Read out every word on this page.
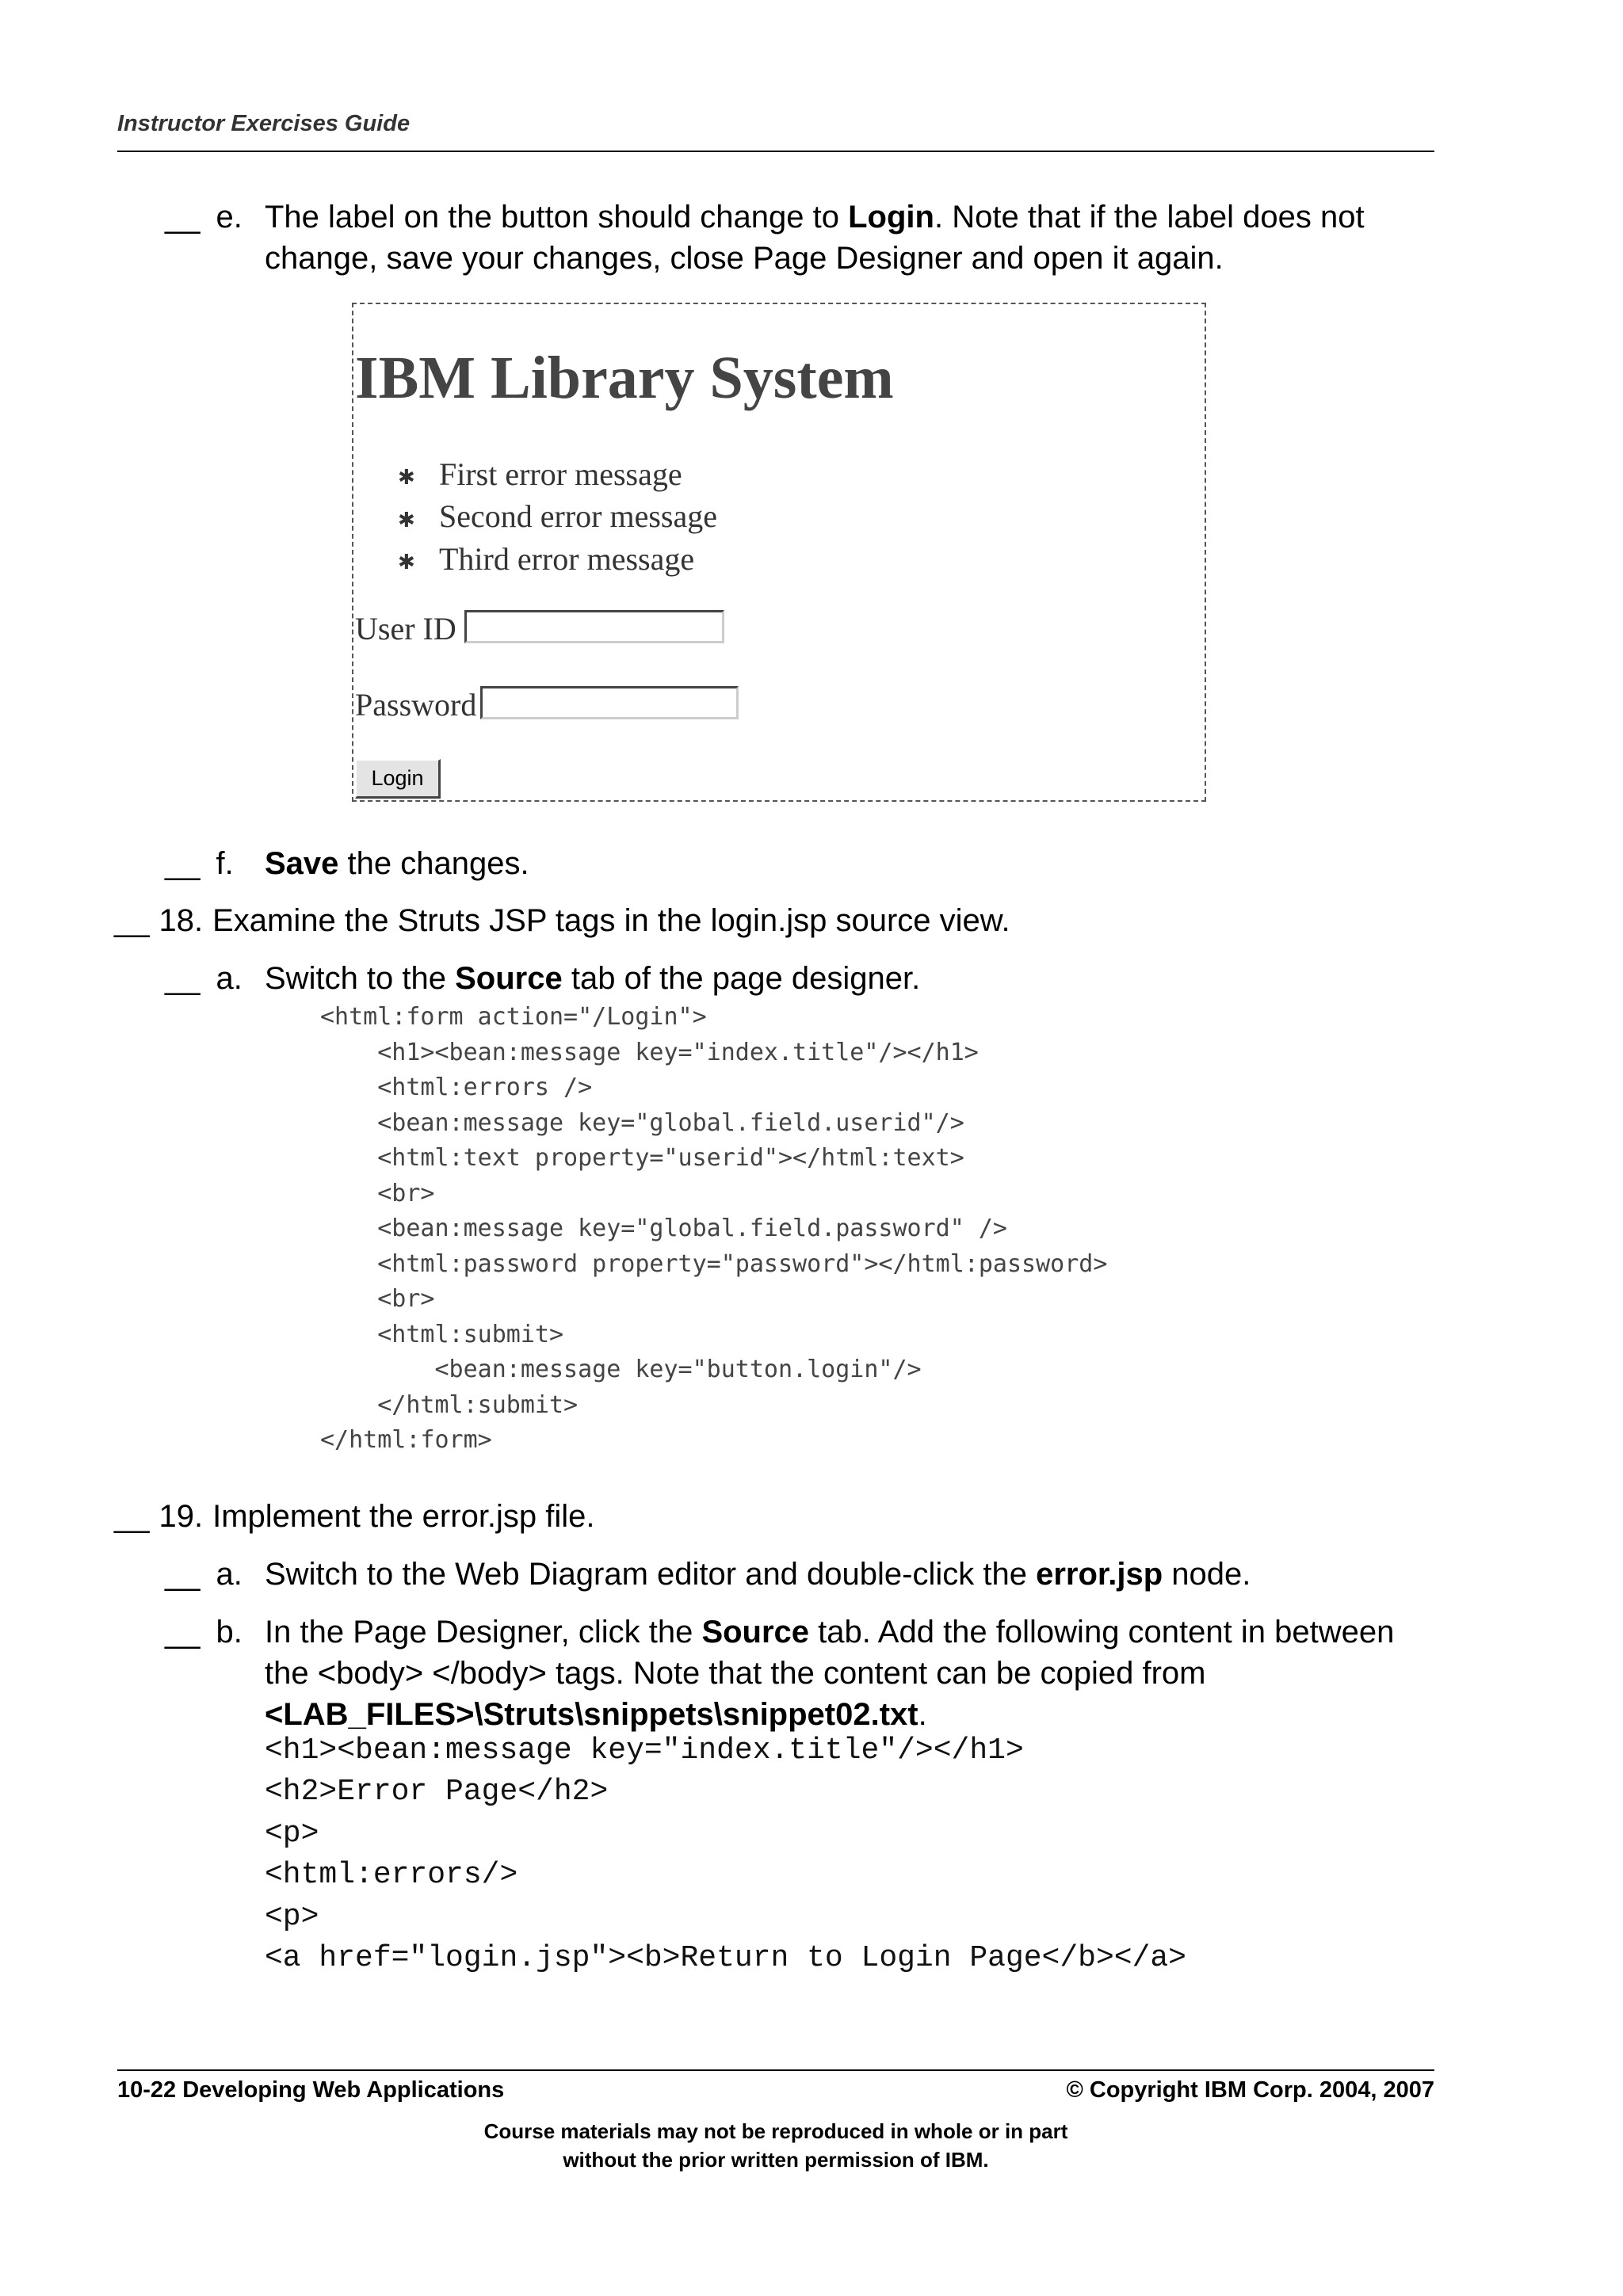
Instructor Exercises Guide
__ e. The label on the button should change to Login. Note that if the label does not
change, save your changes, close Page Designer and open it again.
IBM Library System
✱ First error message
✱ Second error message
✱ Third error message
User ID
Password
Login
__ f. Save the changes.
__ 18. Examine the Struts JSP tags in the login.jsp source view.
__ a. Switch to the Source tab of the page designer.
<html:form action="/Login">
<h1><bean:message key="index.title"/></h1>
<html:errors />
<bean:message key="global.field.userid"/>
<html:text property="userid"></html:text>
<br>
<bean:message key="global.field.password" />
<html:password property="password"></html:password>
<br>
<html:submit>
<bean:message key="button.login"/>
</html:submit>
</html:form>
__ 19. Implement the error.jsp file.
__ a. Switch to the Web Diagram editor and double-click the error.jsp node.
__ b. In the Page Designer, click the Source tab. Add the following content in between
the <body> </body> tags. Note that the content can be copied from
<LAB_FILES>\Struts\snippets\snippet02.txt.
<h1><bean:message key="index.title"/></h1>
<h2>Error Page</h2>
<p>
<html:errors/>
<p>
<a href="login.jsp"><b>Return to Login Page</b></a>
10-22 Developing Web Applications	© Copyright IBM Corp. 2004, 2007
Course materials may not be reproduced in whole or in part
without the prior written permission of IBM.
